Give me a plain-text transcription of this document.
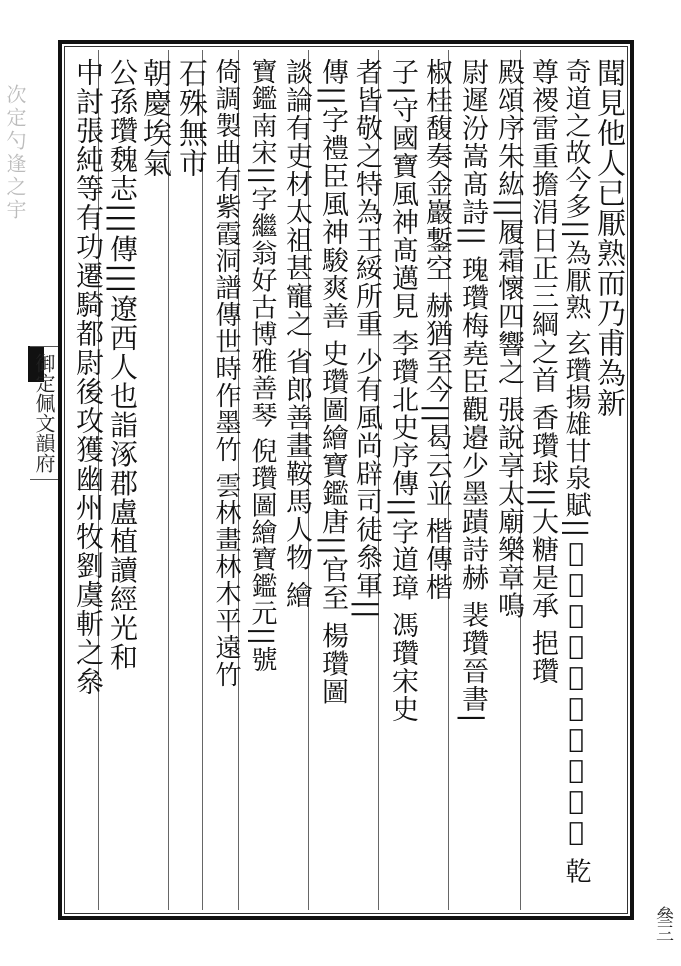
次定勺逢之宇
御定佩文韻府	聞見他人已厭熟而乃甫為新
奇道之故今多||為厭熟 玄瓚揚雄甘泉賦||𩸞瓚王勃鯕鰺秬鬯泔淡 乾
尊禝雷重擔涓日正三綱之首 香瓚球||大糖是承 挹瓚
殿頌序朱紘||履霜懷四響之 張說享太廟樂章鳴
尉遲汾嵩髙詩|| 瑰瓚梅堯臣觀邉少墨蹟詩赫 裴瓚晉書|
椒桂馥奏金巖鏨空 赫猶至今||曷云並 楷傳楷
子|守國寶風神髙邁見 李瓚北史序傳||字道璋 馮瓚宋史
者皆敬之特為王綏所重 少有風尚辟司徒叅軍||
傳||字禮臣風神駿爽善 史瓚圖繪寶鑑唐||官至 楊瓚圖
談論有吏材太祖甚寵之 省郎善畫鞍馬人物 繪
寶鑑南宋||字繼翁好古博雅善琴 倪瓚圖繪寶鑑元||號
倚調製曲有紫霞洞譜傳世時作墨竹 雲林畫林木平遠竹
石殊無市
朝慶埃氣
公孫瓚魏志|||傳|||遼西人也詣涿郡盧植讀經光和
中討張純等有功遷騎都尉後攻獲幽州牧劉虞斬之㕘
叄三
